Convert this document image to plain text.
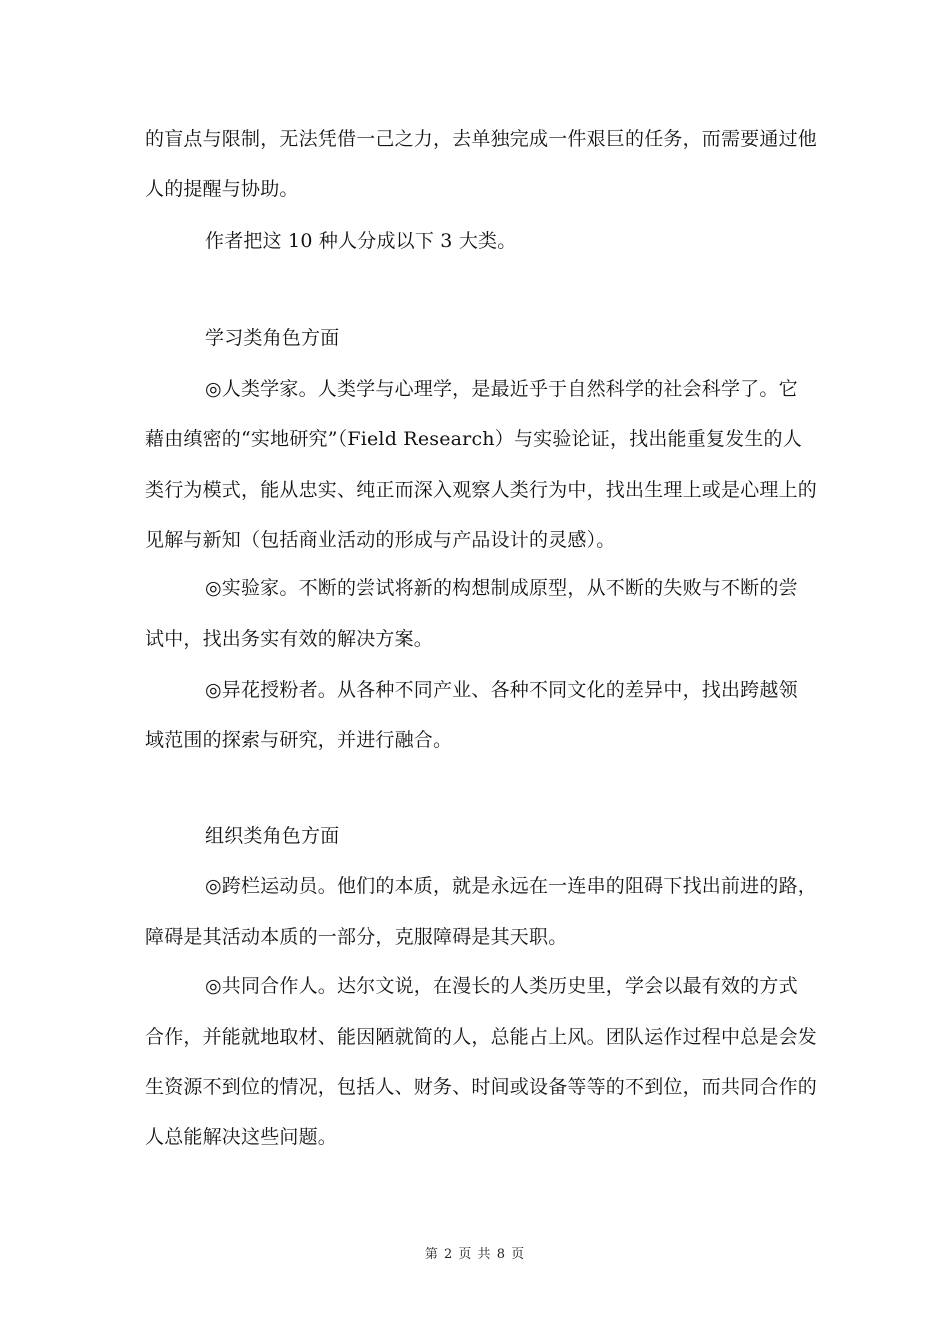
的盲点与限制，无法凭借一己之力，去单独完成一件艰巨的任务，而需要通过他
人的提醒与协助。
作者把这 10 种人分成以下 3 大类。
学习类角色方面
◎人类学家。人类学与心理学，是最近乎于自然科学的社会科学了。它
藉由缜密的“实地研究”（Field Research）与实验论证，找出能重复发生的人
类行为模式，能从忠实、纯正而深入观察人类行为中，找出生理上或是心理上的
见解与新知（包括商业活动的形成与产品设计的灵感）。
◎实验家。不断的尝试将新的构想制成原型，从不断的失败与不断的尝
试中，找出务实有效的解决方案。
◎异花授粉者。从各种不同产业、各种不同文化的差异中，找出跨越领
域范围的探索与研究，并进行融合。
组织类角色方面
◎跨栏运动员。他们的本质，就是永远在一连串的阻碍下找出前进的路，
障碍是其活动本质的一部分，克服障碍是其天职。
◎共同合作人。达尔文说，在漫长的人类历史里，学会以最有效的方式
合作，并能就地取材、能因陋就简的人，总能占上风。团队运作过程中总是会发
生资源不到位的情况，包括人、财务、时间或设备等等的不到位，而共同合作的
人总能解决这些问题。
第 2 页 共 8 页
